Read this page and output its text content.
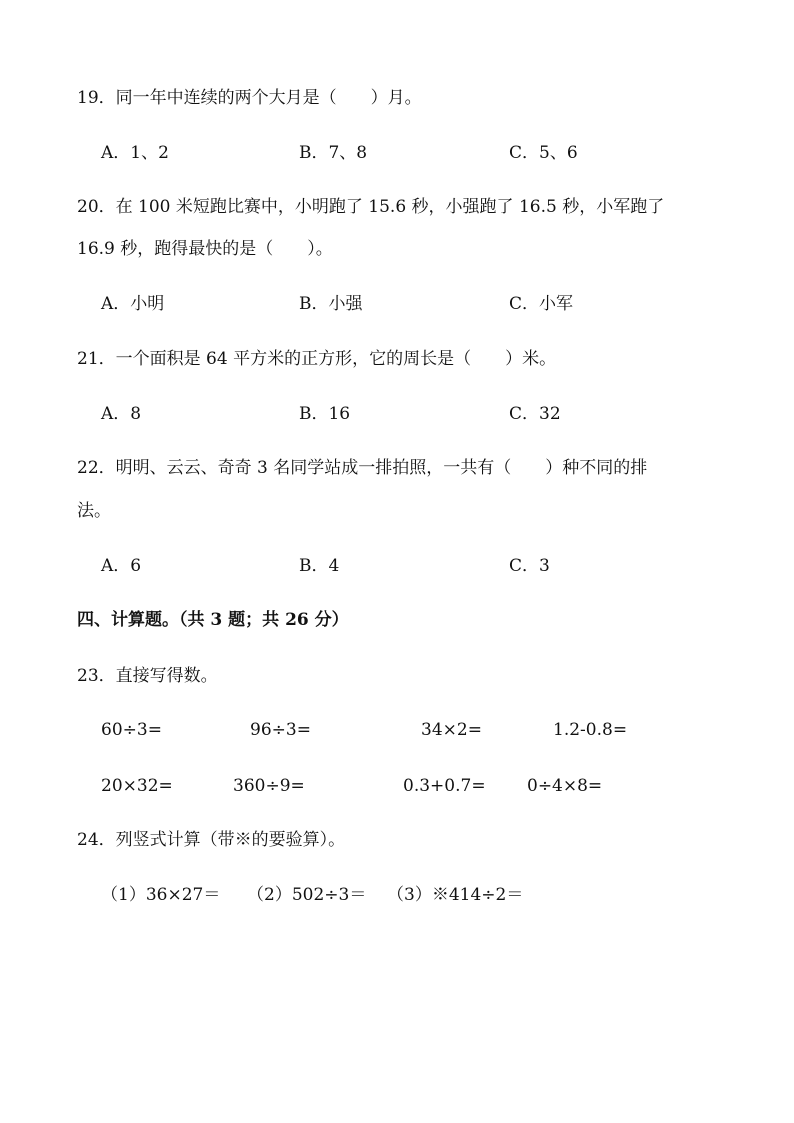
19．同一年中连续的两个大月是（　　）月。
A．1、2	B．7、8	C．5、6
20．在 100 米短跑比赛中，小明跑了 15.6 秒，小强跑了 16.5 秒，小军跑了
16.9 秒，跑得最快的是（　　）。
A．小明	B．小强	C．小军
21．一个面积是 64 平方米的正方形，它的周长是（　　）米。
A．8	B．16	C．32
22．明明、云云、奇奇 3 名同学站成一排拍照，一共有（　　）种不同的排
法。
A．6	B．4	C．3
四、计算题。（共 3 题；共 26 分）
23．直接写得数。
60÷3=	96÷3=	34×2=	1.2-0.8=
20×32=	360÷9=	0.3+0.7= 0÷4×8=
24．列竖式计算（带※的要验算）。
（1）36×27＝ （2）502÷3＝ （3）※414÷2＝
